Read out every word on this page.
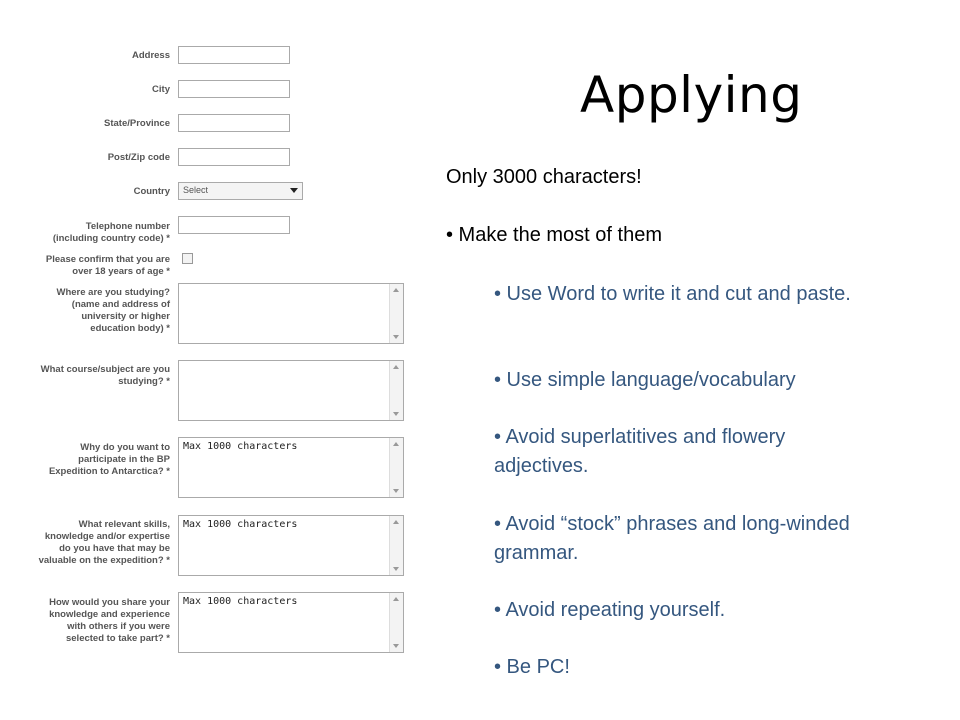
Address
City
State/Province
Post/Zip code
Country	Select
Telephone number
(including country code) *
Please confirm that you are
over 18 years of age *
Where are you studying?
(name and address of
university or higher
education body) *
What course/subject are you
studying? *
Why do you want to
participate in the BP
Expedition to Antarctica? *
Max 1000 characters
What relevant skills,
knowledge and/or expertise
do you have that may be
valuable on the expedition? *
Max 1000 characters
How would you share your
knowledge and experience
with others if you were
selected to take part? *
Max 1000 characters
Applying
Only 3000 characters!
• Make the most of them
• Use Word to write it and cut and paste.
• Use simple language/vocabulary
• Avoid superlatitives and flowery adjectives.
• Avoid “stock” phrases and long-winded grammar.
• Avoid repeating yourself.
• Be PC!
